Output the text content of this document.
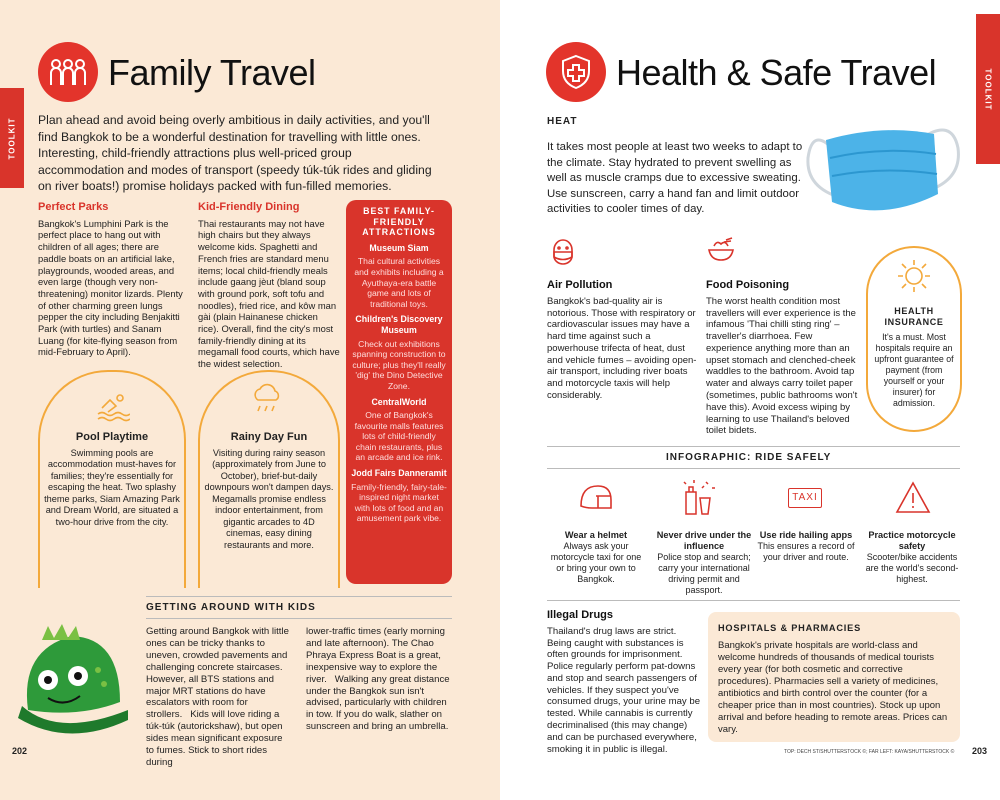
TOOLKIT
Family Travel
Plan ahead and avoid being overly ambitious in daily activities, and you'll find Bangkok to be a wonderful destination for travelling with little ones. Interesting, child-friendly attractions plus well-priced group accommodation and modes of transport (speedy túk-túk rides and gliding on river boats!) promise holidays packed with fun-filled memories.
Perfect Parks
Bangkok's Lumphini Park is the perfect place to hang out with children of all ages; there are paddle boats on an artificial lake, playgrounds, wooded areas, and even large (though very non-threatening) monitor lizards. Plenty of other charming green lungs pepper the city including Benjakitti Park (with turtles) and Sanam Luang (for kite-flying season from mid-February to April).
Kid-Friendly Dining
Thai restaurants may not have high chairs but they always welcome kids. Spaghetti and French fries are standard menu items; local child-friendly meals include gaang jèut (bland soup with ground pork, soft tofu and noodles), fried rice, and kôw man gài (plain Hainanese chicken rice). Overall, find the city's most family-friendly dining at its megamall food courts, which have the widest selection.
Pool Playtime
Swimming pools are accommodation must-haves for families; they're essentially for escaping the heat. Two splashy theme parks, Siam Amazing Park and Dream World, are situated a two-hour drive from the city.
Rainy Day Fun
Visiting during rainy season (approximately from June to October), brief-but-daily downpours won't dampen days. Megamalls promise endless indoor entertainment, from gigantic arcades to 4D cinemas, easy dining restaurants and more.
BEST FAMILY-FRIENDLY ATTRACTIONS
Museum Siam
Thai cultural activities and exhibits including a Ayuthaya-era battle game and lots of traditional toys.
Children's Discovery Museum
Check out exhibitions spanning construction to culture; plus they'll really 'dig' the Dino Detective Zone.
CentralWorld
One of Bangkok's favourite malls features lots of child-friendly chain restaurants, plus an arcade and ice rink.
Jodd Fairs Danneramit
Family-friendly, fairy-tale-inspired night market with lots of food and an amusement park vibe.
GETTING AROUND WITH KIDS
Getting around Bangkok with little ones can be tricky thanks to uneven, crowded pavements and challenging concrete staircases. However, all BTS stations and major MRT stations do have escalators with room for strollers.   Kids will love riding a túk-túk (autorickshaw), but open sides mean significant exposure to fumes. Stick to short rides during
lower-traffic times (early morning and late afternoon). The Chao Phraya Express Boat is a great, inexpensive way to explore the river.   Walking any great distance under the Bangkok sun isn't advised, particularly with children in tow. If you do walk, slather on sunscreen and bring an umbrella.
202
TOOLKIT
Health & Safe Travel
HEAT
It takes most people at least two weeks to adapt to the climate. Stay hydrated to prevent swelling as well as muscle cramps due to excessive sweating. Use sunscreen, carry a hand fan and limit outdoor activities to cooler times of day.
Air Pollution
Bangkok's bad-quality air is notorious. Those with respiratory or cardiovascular issues may have a hard time against such a powerhouse trifecta of heat, dust and vehicle fumes – avoiding open-air transport, including river boats and motorcycle taxis will help considerably.
Food Poisoning
The worst health condition most travellers will ever experience is the infamous 'Thai chilli sting ring' – traveller's diarrhoea. Few experience anything more than an upset stomach and clenched-cheek waddles to the bathroom. Avoid tap water and always carry toilet paper (sometimes, public bathrooms won't have this). Avoid excess wiping by learning to use Thailand's beloved toilet bidets.
HEALTH INSURANCE
It's a must. Most hospitals require an upfront guarantee of payment (from yourself or your insurer) for admission.
INFOGRAPHIC: RIDE SAFELY
TAXI
Wear a helmet
Always ask your motorcycle taxi for one or bring your own to Bangkok.
Never drive under the influence
Police stop and search; carry your international driving permit and passport.
Use ride hailing apps
This ensures a record of your driver and route.
Practice motorcycle safety
Scooter/bike accidents are the world's second-highest.
Illegal Drugs
Thailand's drug laws are strict. Being caught with substances is often grounds for imprisonment. Police regularly perform pat-downs and stop and search passengers of vehicles. If they suspect you've consumed drugs, your urine may be tested. While cannabis is currently decriminalised (this may change) and can be purchased everywhere, smoking it in public is illegal.	TOP: DECH ST/SHUTTERSTOCK ©; FAR LEFT: KAYA/SHUTTERSTOCK © 203
HOSPITALS & PHARMACIES
Bangkok's private hospitals are world-class and welcome hundreds of thousands of medical tourists every year (for both cosmetic and corrective procedures). Pharmacies sell a variety of medicines, antibiotics and birth control over the counter (for a cheaper price than in most countries). Stock up upon arrival and before heading to remote areas. Prices can vary.
